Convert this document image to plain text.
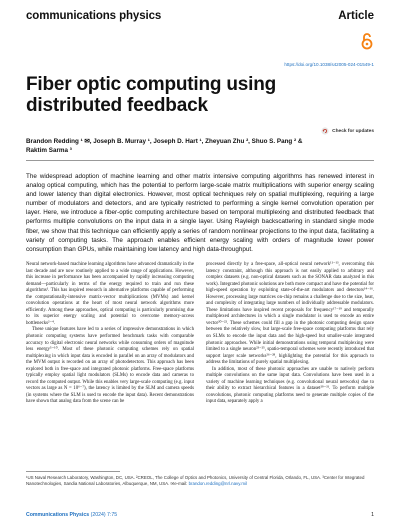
communications physics	Article
https://doi.org/10.1038/s42005-024-01549-1
Fiber optic computing using distributed feedback
Check for updates
Brandon Redding ¹ ✉, Joseph B. Murray ¹, Joseph D. Hart ¹, Zheyuan Zhu ², Shuo S. Pang ² &
Raktim Sarma ³

The widespread adoption of machine learning and other matrix intensive computing algorithms has renewed interest in analog optical computing, which has the potential to perform large-scale matrix multiplications with superior energy scaling and lower latency than digital electronics. However, most optical techniques rely on spatial multiplexing, requiring a large number of modulators and detectors, and are typically restricted to performing a single kernel convolution operation per layer. Here, we introduce a fiber-optic computing architecture based on temporal multiplexing and distributed feedback that performs multiple convolutions on the input data in a single layer. Using Rayleigh backscattering in standard single mode fiber, we show that this technique can efficiently apply a series of random nonlinear projections to the input data, facilitating a variety of computing tasks. The approach enables efficient energy scaling with orders of magnitude lower power consumption than GPUs, while maintaining low latency and high data-throughput.

Neural network-based machine learning algorithms have advanced dramatically in the last decade and are now routinely applied to a wide range of applications. However, this increase in performance has been accompanied by rapidly increasing computing demand—particularly in terms of the energy required to train and run these algorithms¹. This has inspired research in alternative platforms capable of performing the computationally-intensive matrix-vector multiplications (MVMs) and kernel convolution operations at the heart of most neural network algorithms more efficiently. Among these approaches, optical computing is particularly promising due to its superior energy scaling and potential to overcome memory-access bottlenecks²⁻⁴.

These unique features have led to a series of impressive demonstrations in which photonic computing systems have performed benchmark tasks with comparable accuracy to digital electronic neural networks while consuming orders of magnitude less energy⁵⁻¹⁰. Most of these photonic computing schemes rely on spatial multiplexing in which input data is encoded in parallel on an array of modulators and the MVM output is recorded on an array of photodetectors. This approach has been explored both in free-space and integrated photonic platforms. Free-space platforms typically employ spatial light modulators (SLMs) to encode data and cameras to record the computed output. While this enables very large-scale computing (e.g. input vectors as large as N = 10⁶⁻⁷), the latency is limited by the SLM and camera speeds (in systems where the SLM is used to encode the input data). Recent demonstrations have shown that analog data from the scene can be

processed directly by a free-space, all-optical neural network¹¹⁻¹³, overcoming this latency constraint, although this approach is not easily applied to arbitrary and complex datasets (e.g. non-optical datasets such as the SONAR data analyzed in this work). Integrated photonic solutions are both more compact and have the potential for high-speed operation by exploiting state-of-the-art modulators and detectors¹⁴⁻¹⁶. However, processing large matrices on-chip remains a challenge due to the size, heat, and complexity of integrating large numbers of individually addressable modulators. These limitations have inspired recent proposals for frequency¹⁷⁻¹⁹ and temporally multiplexed architectures in which a single modulator is used to encode an entire vector²⁰⁻²². These schemes could fill a gap in the photonic computing design space between the relatively slow, but large-scale free-space computing platforms that rely on SLMs to encode the input data and the high-speed but smaller-scale integrated photonic approaches. While initial demonstrations using temporal multiplexing were limited to a single neuron²³⁻²⁵, spatio-temporal schemes were recently introduced that support larger scale networks²⁶⁻²⁸, highlighting the potential for this approach to address the limitations of purely spatial multiplexing.

In addition, most of these photonic approaches are unable to natively perform multiple convolutions on the same input data. Convolutions have been used in a variety of machine learning techniques (e.g. convolutional neural networks) due to their ability to extract hierarchical features in a dataset²⁹⁻³¹. To perform multiple convolutions, photonic computing platforms need to generate multiple copies of the input data, separately apply a

¹US Naval Research Laboratory, Washington, DC, USA. ²CREOL, The College of Optics and Photonics, University of Central Florida, Orlando, FL, USA. ³Center for Integrated Nanotechnologies, Sandia National Laboratories, Albuquerque, NM, USA. ✉e-mail: brandon.redding@nrl.navy.mil
Communications Physics (2024) 7:75	1
